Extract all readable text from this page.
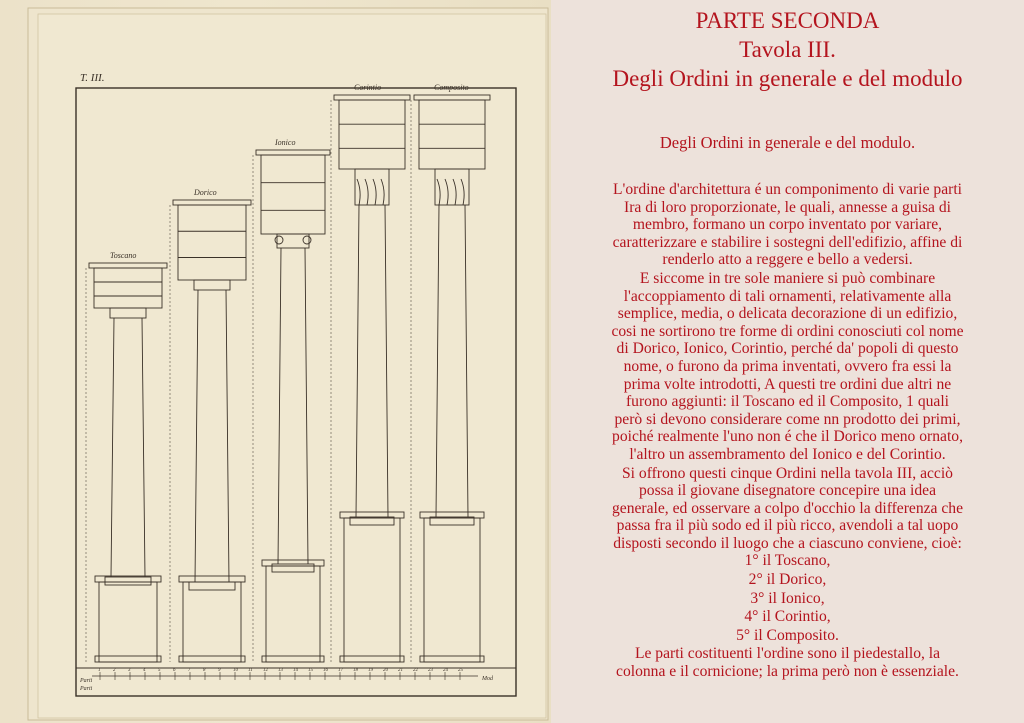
Toscano
Dorico
Ionico
Corintio	Composito
1	2	3	4	5	6	7	8	9	10 11 12 13 14 15 16 17 18 19 20 21 22 23 24 25
Parti
Parti
Mod
T. III.
PARTE SECONDA
Tavola III.
Degli Ordini in generale e del modulo
Degli Ordini in generale e del modulo.
L'ordine d'architettura é un componimento di varie parti
Ira di loro proporzionate, le quali, annesse a guisa di
membro, formano un corpo inventato por variare,
caratterizzare e stabilire i sostegni dell'edifizio, affine di
renderlo atto a reggere e bello a vedersi.
E siccome in tre sole maniere si può combinare
l'accoppiamento di tali ornamenti, relativamente alla
semplice, media, o delicata decorazione di un edifizio,
cosi ne sortirono tre forme di ordini conosciuti col nome
di Dorico, Ionico, Corintio, perché da' popoli di questo
nome, o furono da prima inventati, ovvero fra essi la
prima volte introdotti, A questi tre ordini due altri ne
furono aggiunti: il Toscano ed il Composito, 1 quali
però si devono considerare come nn prodotto dei primi,
poiché realmente l'uno non é che il Dorico meno ornato,
l'altro un assembramento del Ionico e del Corintio.
Si offrono questi cinque Ordini nella tavola III, acciò
possa il giovane disegnatore concepire una idea
generale, ed osservare a colpo d'occhio la differenza che
passa fra il più sodo ed il più ricco, avendoli a tal uopo
disposti secondo il luogo che a ciascuno conviene, cioè:
1° il Toscano,
2° il Dorico,
3° il Ionico,
4° il Corintio,
5° il Composito.
Le parti costituenti l'ordine sono il piedestallo, la
colonna e il cornicione; la prima però non è essenziale.
